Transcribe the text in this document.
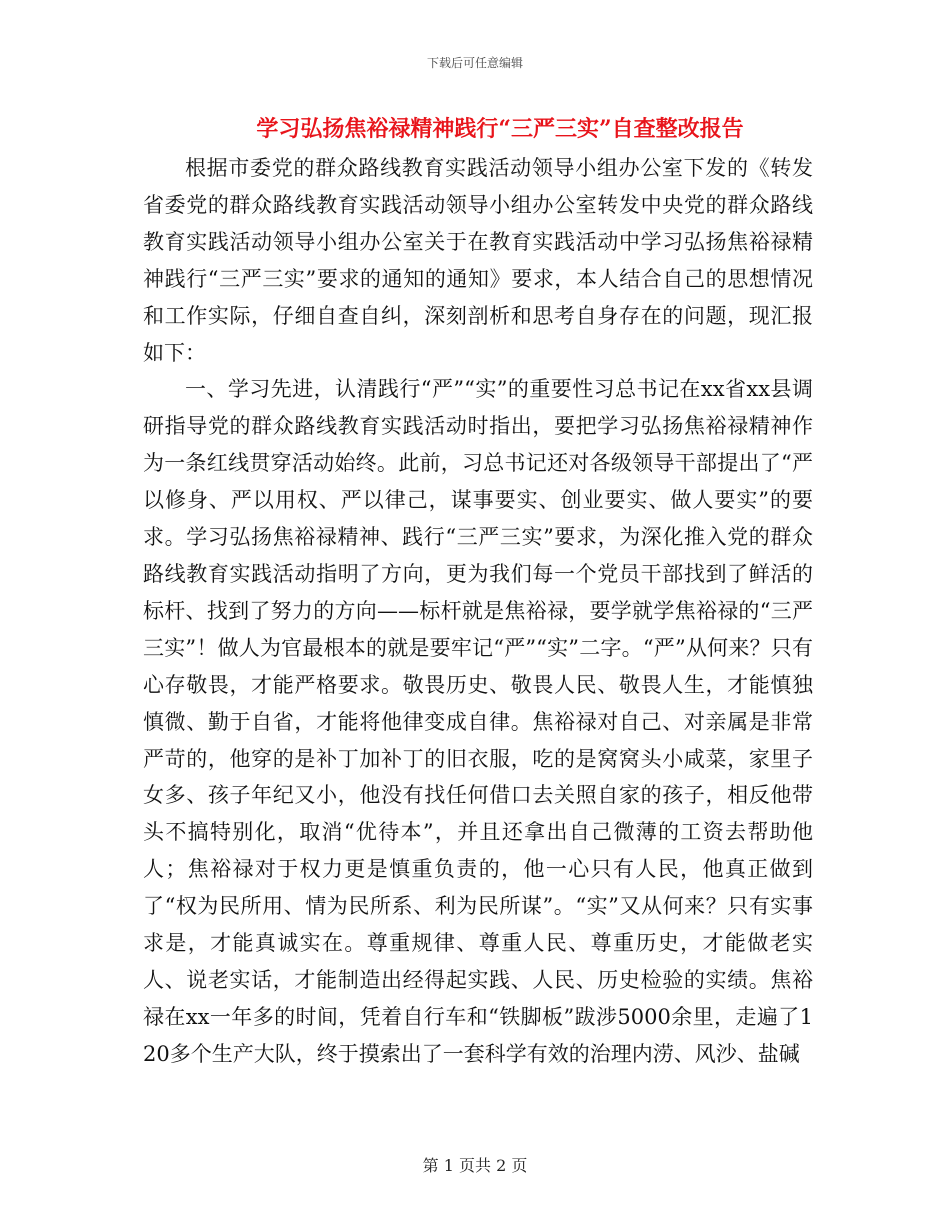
下载后可任意编辑
学习弘扬焦裕禄精神践行“三严三实”自查整改报告

根据市委党的群众路线教育实践活动领导小组办公室下发的《转发省委党的群众路线教育实践活动领导小组办公室转发中央党的群众路线教育实践活动领导小组办公室关于在教育实践活动中学习弘扬焦裕禄精神践行“三严三实”要求的通知的通知》要求，本人结合自己的思想情况和工作实际，仔细自查自纠，深刻剖析和思考自身存在的问题，现汇报如下：

一、学习先进，认清践行“严”“实”的重要性习总书记在xx省xx县调研指导党的群众路线教育实践活动时指出，要把学习弘扬焦裕禄精神作为一条红线贯穿活动始终。此前，习总书记还对各级领导干部提出了“严以修身、严以用权、严以律己，谋事要实、创业要实、做人要实”的要求。学习弘扬焦裕禄精神、践行“三严三实”要求，为深化推入党的群众路线教育实践活动指明了方向，更为我们每一个党员干部找到了鲜活的标杆、找到了努力的方向——标杆就是焦裕禄，要学就学焦裕禄的“三严三实”！做人为官最根本的就是要牢记“严”“实”二字。“严”从何来？只有心存敬畏，才能严格要求。敬畏历史、敬畏人民、敬畏人生，才能慎独慎微、勤于自省，才能将他律变成自律。焦裕禄对自己、对亲属是非常严苛的，他穿的是补丁加补丁的旧衣服，吃的是窝窝头小咸菜，家里子女多、孩子年纪又小，他没有找任何借口去关照自家的孩子，相反他带头不搞特别化，取消“优待本”，并且还拿出自己微薄的工资去帮助他人；焦裕禄对于权力更是慎重负责的，他一心只有人民，他真正做到了“权为民所用、情为民所系、利为民所谋”。“实”又从何来？只有实事求是，才能真诚实在。尊重规律、尊重人民、尊重历史，才能做老实人、说老实话，才能制造出经得起实践、人民、历史检验的实绩。焦裕禄在xx一年多的时间，凭着自行车和“铁脚板”跋涉5000余里，走遍了120多个生产大队，终于摸索出了一套科学有效的治理内涝、风沙、盐碱

第 1 页共 2 页
